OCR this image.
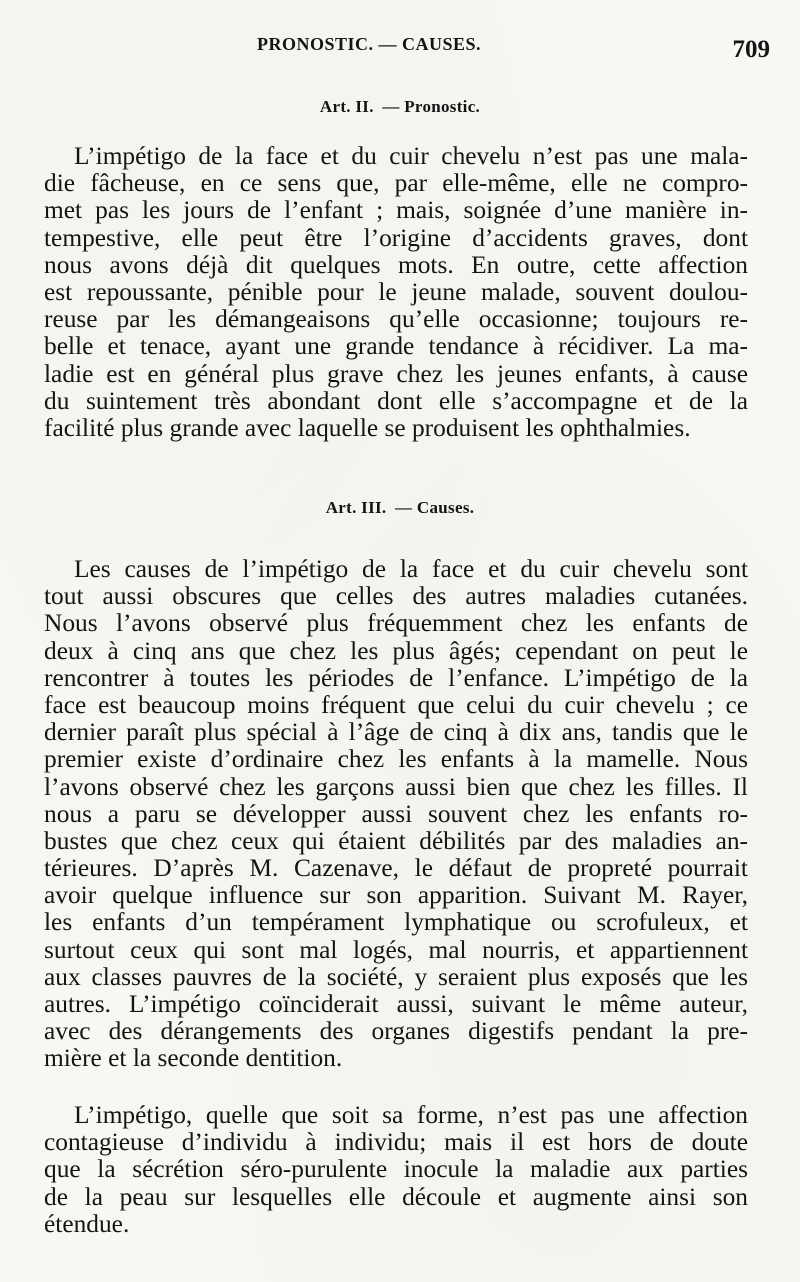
PRONOSTIC. — CAUSES.	709
Art. II. — Pronostic.
L’impétigo de la face et du cuir chevelu n’est pas une mala-
die fâcheuse, en ce sens que, par elle-même, elle ne compro-
met pas les jours de l’enfant ; mais, soignée d’une manière in-
tempestive, elle peut être l’origine d’accidents graves, dont
nous avons déjà dit quelques mots. En outre, cette affection
est repoussante, pénible pour le jeune malade, souvent doulou-
reuse par les démangeaisons qu’elle occasionne; toujours re-
belle et tenace, ayant une grande tendance à récidiver. La ma-
ladie est en général plus grave chez les jeunes enfants, à cause
du suintement très abondant dont elle s’accompagne et de la
facilité plus grande avec laquelle se produisent les ophthalmies.
Art. III. — Causes.
Les causes de l’impétigo de la face et du cuir chevelu sont
tout aussi obscures que celles des autres maladies cutanées.
Nous l’avons observé plus fréquemment chez les enfants de
deux à cinq ans que chez les plus âgés; cependant on peut le
rencontrer à toutes les périodes de l’enfance. L’impétigo de la
face est beaucoup moins fréquent que celui du cuir chevelu ; ce
dernier paraît plus spécial à l’âge de cinq à dix ans, tandis que le
premier existe d’ordinaire chez les enfants à la mamelle. Nous
l’avons observé chez les garçons aussi bien que chez les filles. Il
nous a paru se développer aussi souvent chez les enfants ro-
bustes que chez ceux qui étaient débilités par des maladies an-
térieures. D’après M. Cazenave, le défaut de propreté pourrait
avoir quelque influence sur son apparition. Suivant M. Rayer,
les enfants d’un tempérament lymphatique ou scrofuleux, et
surtout ceux qui sont mal logés, mal nourris, et appartiennent
aux classes pauvres de la société, y seraient plus exposés que les
autres. L’impétigo coïnciderait aussi, suivant le même auteur,
avec des dérangements des organes digestifs pendant la pre-
mière et la seconde dentition.
L’impétigo, quelle que soit sa forme, n’est pas une affection
contagieuse d’individu à individu; mais il est hors de doute
que la sécrétion séro-purulente inocule la maladie aux parties
de la peau sur lesquelles elle découle et augmente ainsi son
étendue.
